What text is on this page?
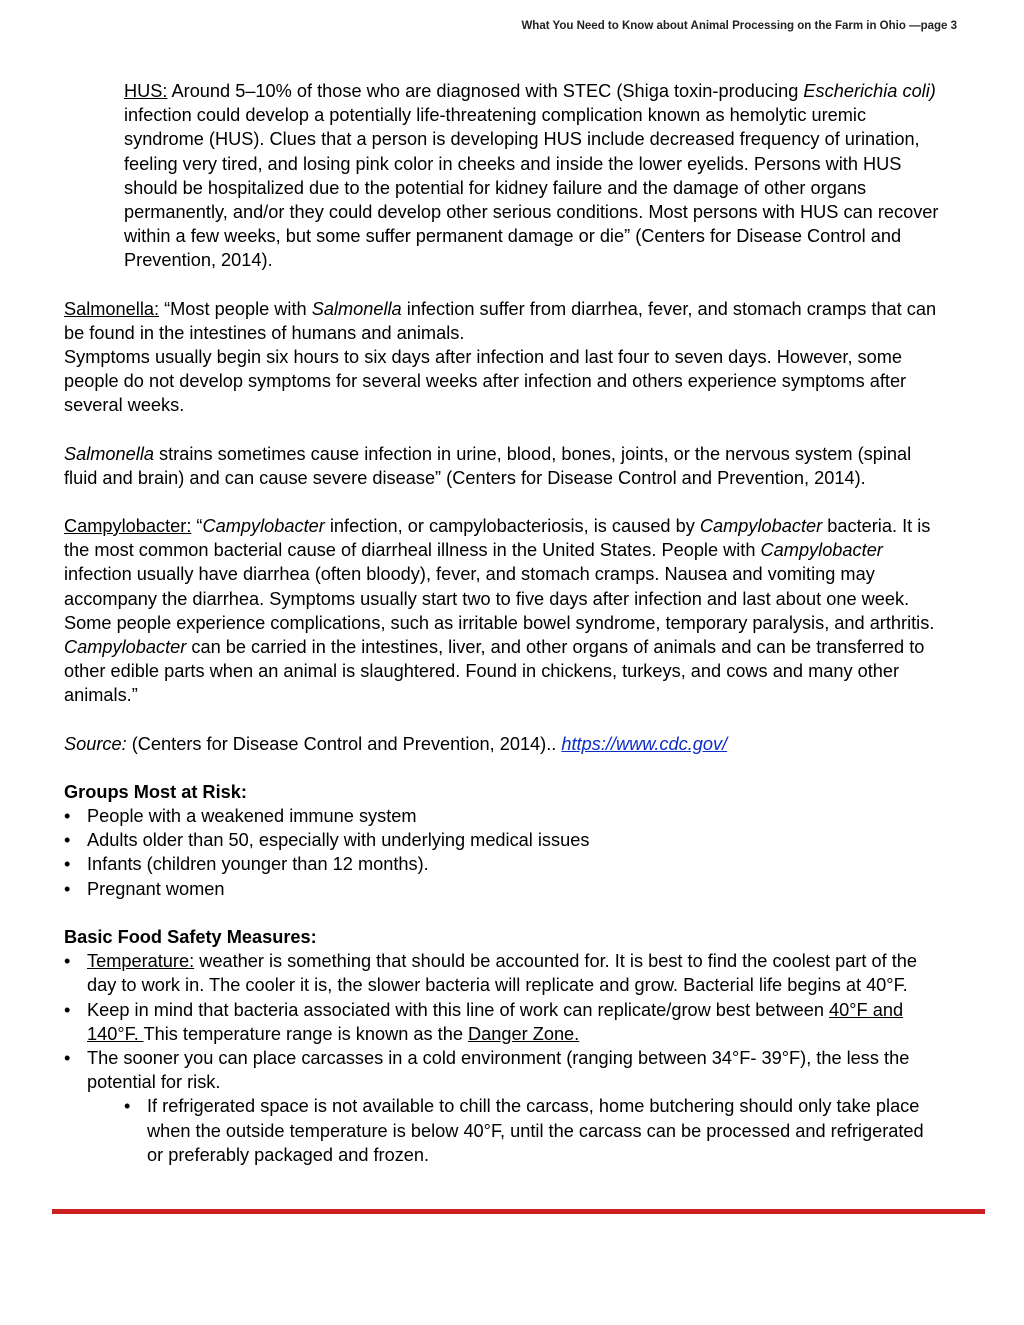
What You Need to Know about Animal Processing on the Farm in Ohio —page 3

HUS: Around 5–10% of those who are diagnosed with STEC (Shiga toxin-producing Escherichia coli) infection could develop a potentially life-threatening complication known as hemolytic uremic syndrome (HUS). Clues that a person is developing HUS include decreased frequency of urination, feeling very tired, and losing pink color in cheeks and inside the lower eyelids. Persons with HUS should be hospitalized due to the potential for kidney failure and the damage of other organs permanently, and/or they could develop other serious conditions. Most persons with HUS can recover within a few weeks, but some suffer permanent damage or die” (Centers for Disease Control and Prevention, 2014).

Salmonella: “Most people with Salmonella infection suffer from diarrhea, fever, and stomach cramps that can be found in the intestines of humans and animals.

Symptoms usually begin six hours to six days after infection and last four to seven days. However, some people do not develop symptoms for several weeks after infection and others experience symptoms after several weeks.

Salmonella strains sometimes cause infection in urine, blood, bones, joints, or the nervous system (spinal fluid and brain) and can cause severe disease” (Centers for Disease Control and Prevention, 2014).

Campylobacter: “Campylobacter infection, or campylobacteriosis, is caused by Campylobacter bacteria. It is the most common bacterial cause of diarrheal illness in the United States. People with Campylobacter infection usually have diarrhea (often bloody), fever, and stomach cramps. Nausea and vomiting may accompany the diarrhea. Symptoms usually start two to five days after infection and last about one week. Some people experience complications, such as irritable bowel syndrome, temporary paralysis, and arthritis. Campylobacter can be carried in the intestines, liver, and other organs of animals and can be transferred to other edible parts when an animal is slaughtered. Found in chickens, turkeys, and cows and many other animals.”

Source: (Centers for Disease Control and Prevention, 2014).. https://www.cdc.gov/

Groups Most at Risk:

• People with a weakened immune system
• Adults older than 50, especially with underlying medical issues
• Infants (children younger than 12 months).
• Pregnant women

Basic Food Safety Measures:

• Temperature: weather is something that should be accounted for. It is best to find the coolest part of the day to work in. The cooler it is, the slower bacteria will replicate and grow. Bacterial life begins at 40°F.
• Keep in mind that bacteria associated with this line of work can replicate/grow best between 40°F and 140°F. This temperature range is known as the Danger Zone.
• The sooner you can place carcasses in a cold environment (ranging between 34°F- 39°F), the less the potential for risk.
• If refrigerated space is not available to chill the carcass, home butchering should only take place when the outside temperature is below 40°F, until the carcass can be processed and refrigerated or preferably packaged and frozen.
